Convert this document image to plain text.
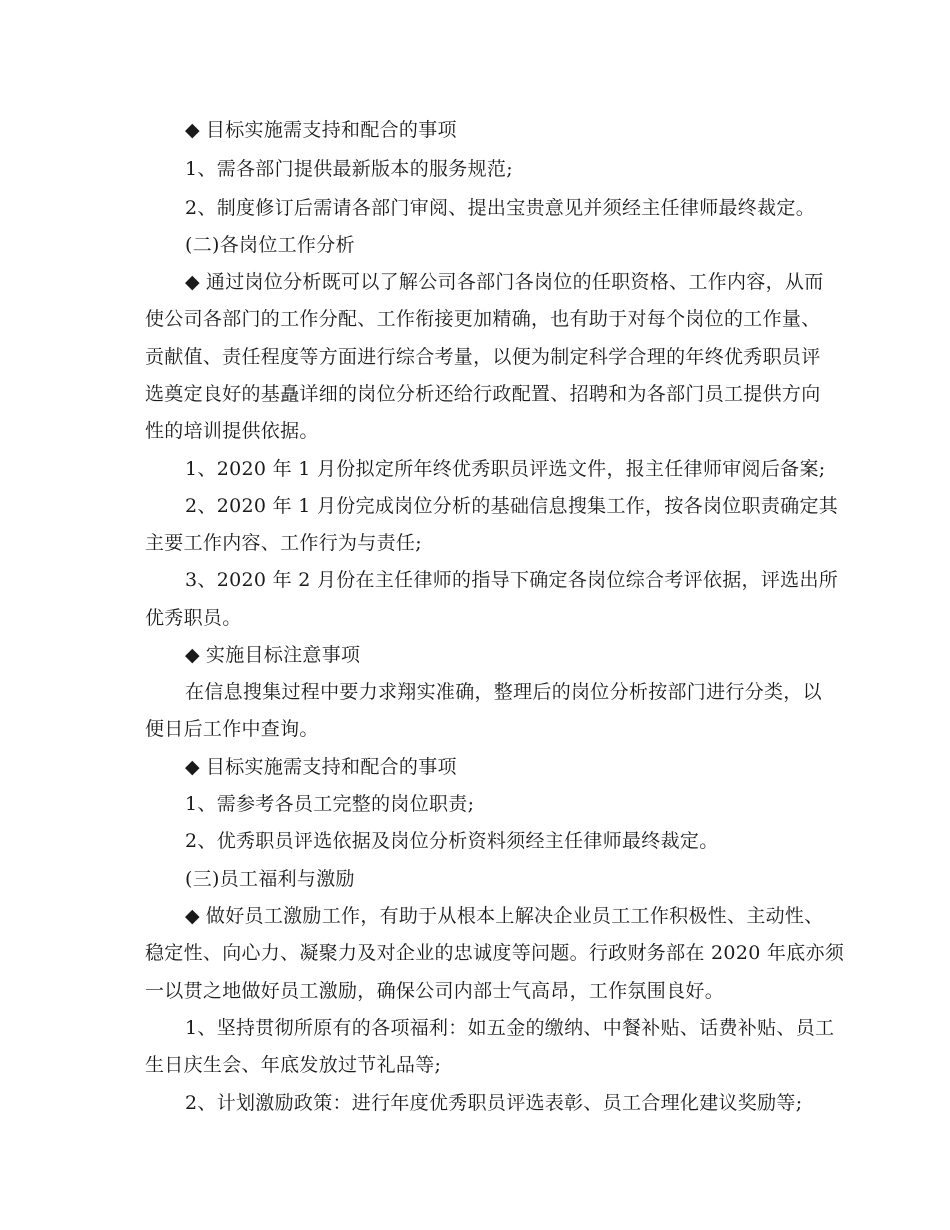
◆ 目标实施需支持和配合的事项
1、需各部门提供最新版本的服务规范;
2、制度修订后需请各部门审阅、提出宝贵意见并须经主任律师最终裁定。
(二)各岗位工作分析
◆ 通过岗位分析既可以了解公司各部门各岗位的任职资格、工作内容，从而
使公司各部门的工作分配、工作衔接更加精确，也有助于对每个岗位的工作量、
贡献值、责任程度等方面进行综合考量，以便为制定科学合理的年终优秀职员评
选奠定良好的基矗详细的岗位分析还给行政配置、招聘和为各部门员工提供方向
性的培训提供依据。
1、2020 年 1 月份拟定所年终优秀职员评选文件，报主任律师审阅后备案;
2、2020 年 1 月份完成岗位分析的基础信息搜集工作，按各岗位职责确定其
主要工作内容、工作行为与责任;
3、2020 年 2 月份在主任律师的指导下确定各岗位综合考评依据，评选出所
优秀职员。
◆ 实施目标注意事项
在信息搜集过程中要力求翔实准确，整理后的岗位分析按部门进行分类，以
便日后工作中查询。
◆ 目标实施需支持和配合的事项
1、需参考各员工完整的岗位职责;
2、优秀职员评选依据及岗位分析资料须经主任律师最终裁定。
(三)员工福利与激励
◆ 做好员工激励工作，有助于从根本上解决企业员工工作积极性、主动性、
稳定性、向心力、凝聚力及对企业的忠诚度等问题。行政财务部在 2020 年底亦须
一以贯之地做好员工激励，确保公司内部士气高昂，工作氛围良好。
1、坚持贯彻所原有的各项福利：如五金的缴纳、中餐补贴、话费补贴、员工
生日庆生会、年底发放过节礼品等;
2、计划激励政策：进行年度优秀职员评选表彰、员工合理化建议奖励等;
